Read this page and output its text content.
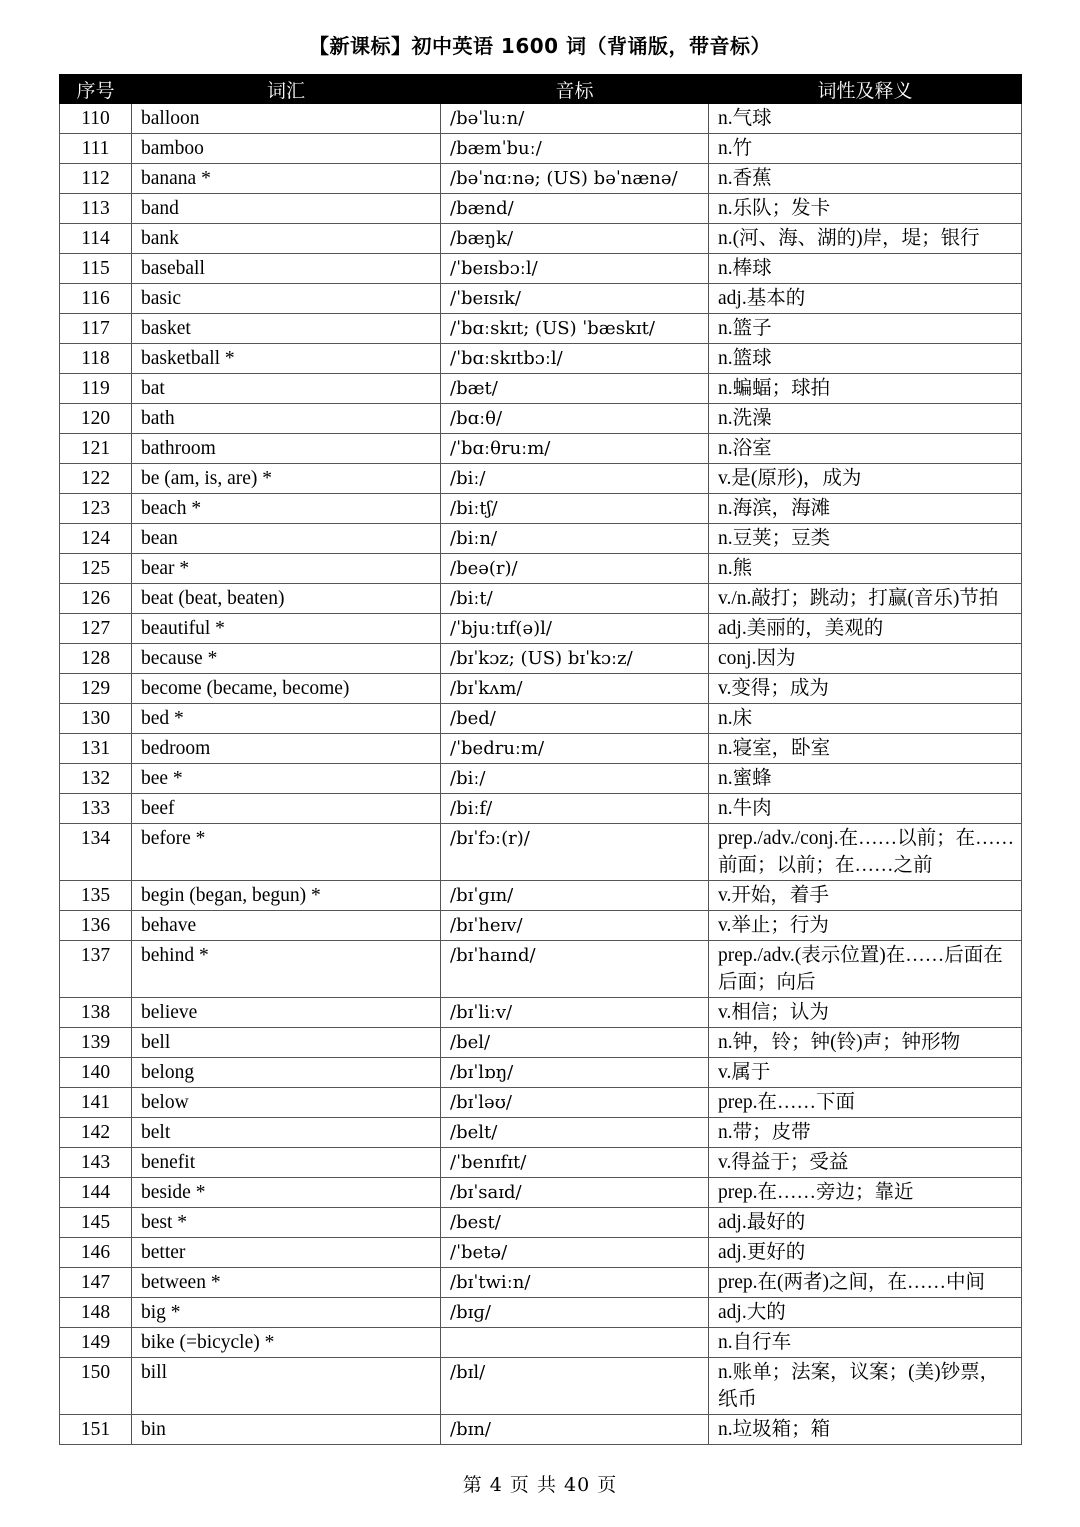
【新课标】初中英语 1600 词（背诵版，带音标）
序号	词汇	音标	词性及释义
110	balloon	/bəˈluːn/	n.气球
111	bamboo	/bæmˈbuː/	n.竹
112	banana *	/bəˈnɑːnə; (US) bəˈnænə/	n.香蕉
113	band	/bænd/	n.乐队；发卡
114	bank	/bæŋk/	n.(河、海、湖的)岸，堤；银行
115	baseball	/ˈbeɪsbɔːl/	n.棒球
116	basic	/ˈbeɪsɪk/	adj.基本的
117	basket	/ˈbɑːskɪt; (US) ˈbæskɪt/	n.篮子
118	basketball *	/ˈbɑːskɪtbɔːl/	n.篮球
119	bat	/bæt/	n.蝙蝠；球拍
120	bath	/bɑːθ/	n.洗澡
121	bathroom	/ˈbɑːθruːm/	n.浴室
122	be (am, is, are) *	/biː/	v.是(原形)，成为
123	beach *	/biːtʃ/	n.海滨，海滩
124	bean	/biːn/	n.豆荚；豆类
125	bear *	/beə(r)/	n.熊
126	beat (beat, beaten)	/biːt/	v./n.敲打；跳动；打赢(音乐)节拍
127	beautiful *	/ˈbjuːtɪf(ə)l/	adj.美丽的，美观的
128	because *	/bɪˈkɔz; (US) bɪˈkɔːz/	conj.因为
129	become (became, become)	/bɪˈkʌm/	v.变得；成为
130	bed *	/bed/	n.床
131	bedroom	/ˈbedruːm/	n.寝室，卧室
132	bee *	/biː/	n.蜜蜂
133	beef	/biːf/	n.牛肉
134	before *	/bɪˈfɔː(r)/	prep./adv./conj.在……以前；在……前面；以前；在……之前
135	begin (began, begun) *	/bɪˈɡɪn/	v.开始，着手
136	behave	/bɪˈheɪv/	v.举止；行为
137	behind *	/bɪˈhaɪnd/	prep./adv.(表示位置)在……后面在后面；向后
138	believe	/bɪˈliːv/	v.相信；认为
139	bell	/bel/	n.钟，铃；钟(铃)声；钟形物
140	belong	/bɪˈlɒŋ/	v.属于
141	below	/bɪˈləʊ/	prep.在……下面
142	belt	/belt/	n.带；皮带
143	benefit	/ˈbenɪfɪt/	v.得益于；受益
144	beside *	/bɪˈsaɪd/	prep.在……旁边；靠近
145	best *	/best/	adj.最好的
146	better	/ˈbetə/	adj.更好的
147	between *	/bɪˈtwiːn/	prep.在(两者)之间，在……中间
148	big *	/bɪɡ/	adj.大的
149	bike (=bicycle) *		n.自行车
150	bill	/bɪl/	n.账单；法案，议案；(美)钞票，纸币
151	bin	/bɪn/	n.垃圾箱；箱
第 4 页 共 40 页
